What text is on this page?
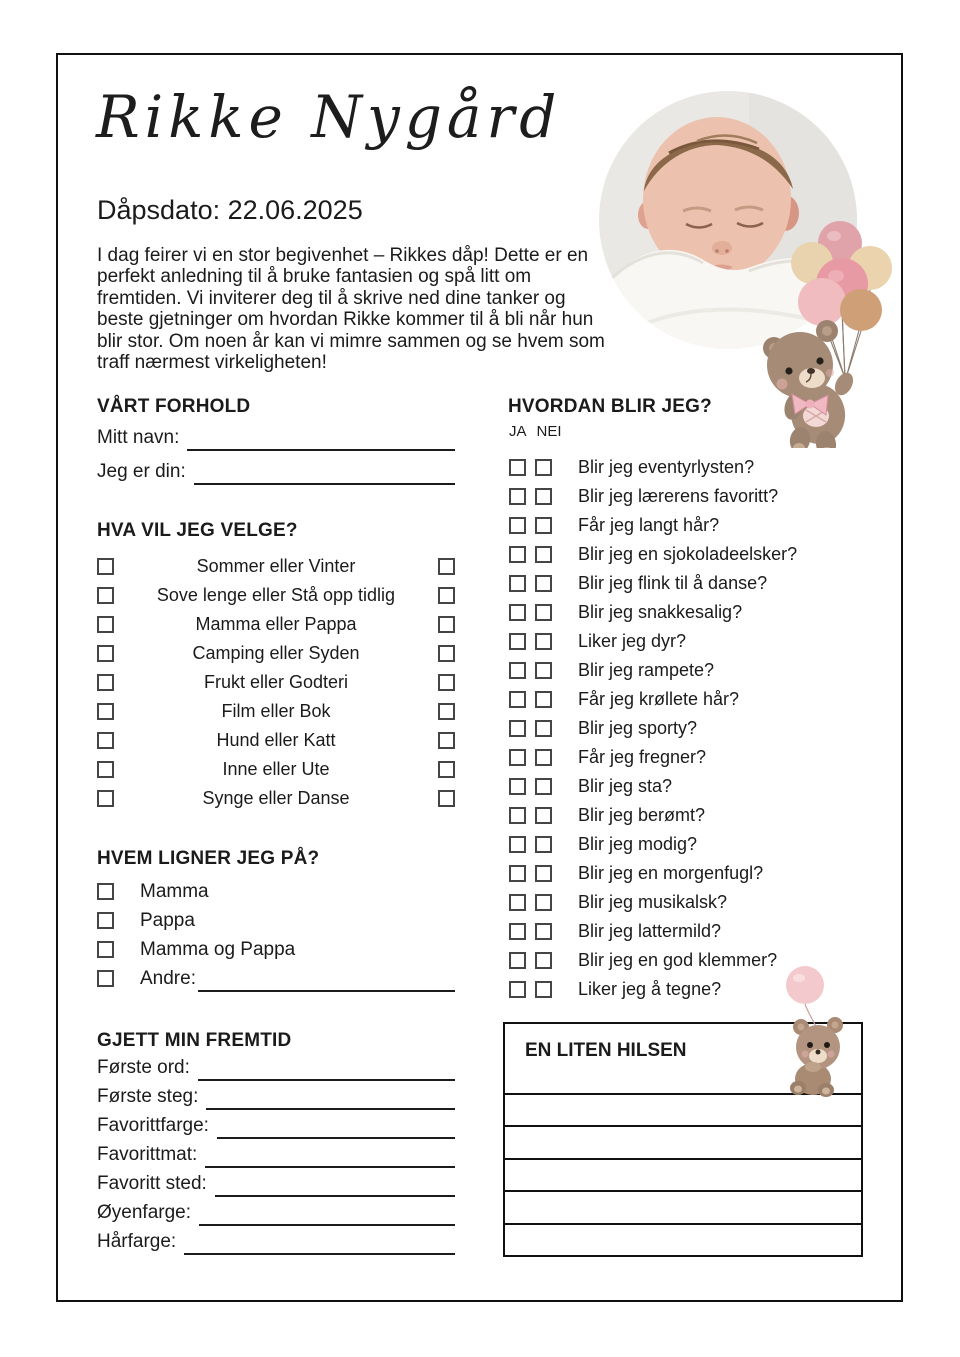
Rikke Nygård
Dåpsdato: 22.06.2025

I dag feirer vi en stor begivenhet – Rikkes dåp! Dette er en perfekt anledning til å bruke fantasien og spå litt om fremtiden. Vi inviterer deg til å skrive ned dine tanker og beste gjetninger om hvordan Rikke kommer til å bli når hun blir stor. Om noen år kan vi mimre sammen og se hvem som traff nærmest virkeligheten!

VÅRT FORHOLD
Mitt navn:
Jeg er din:
HVA VIL JEG VELGE?
Sommer eller Vinter
Sove lenge eller Stå opp tidlig
Mamma eller Pappa
Camping eller Syden
Frukt eller Godteri
Film eller Bok
Hund eller Katt
Inne eller Ute
Synge eller Danse
HVEM LIGNER JEG PÅ?
Mamma
Pappa
Mamma og Pappa
Andre:
GJETT MIN FREMTID
Første ord:
Første steg:
Favorittfarge:
Favorittmat:
Favoritt sted:
Øyenfarge:
Hårfarge:
HVORDAN BLIR JEG?
JA NEI
Blir jeg eventyrlysten?
Blir jeg lærerens favoritt?
Får jeg langt hår?
Blir jeg en sjokoladeelsker?
Blir jeg flink til å danse?
Blir jeg snakkesalig?
Liker jeg dyr?
Blir jeg rampete?
Får jeg krøllete hår?
Blir jeg sporty?
Får jeg fregner?
Blir jeg sta?
Blir jeg berømt?
Blir jeg modig?
Blir jeg en morgenfugl?
Blir jeg musikalsk?
Blir jeg lattermild?
Blir jeg en god klemmer?
Liker jeg å tegne?
EN LITEN HILSEN
